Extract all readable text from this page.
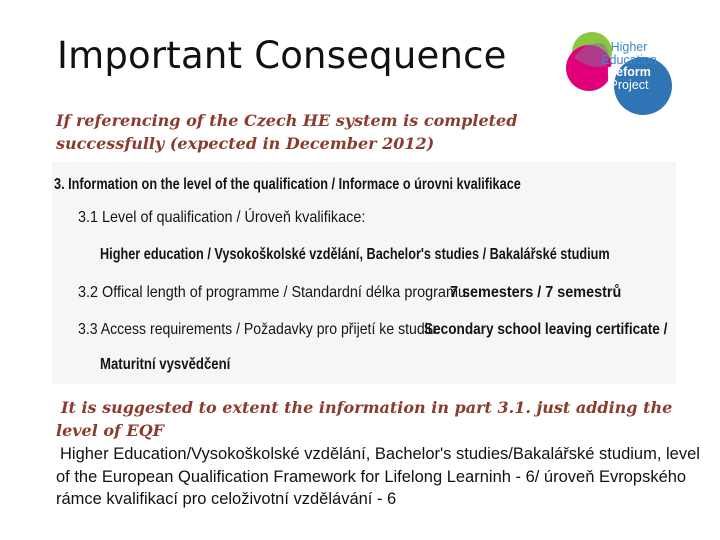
Important Consequence	Higher
Education
Reform
Project

If referencing of the Czech HE system is completed successfully (expected in December 2012)

3. Information on the level of the qualification / Informace o úrovni kvalifikace
3.1 Level of qualification / Úroveň kvalifikace:
Higher education / Vysokoškolské vzdělání, Bachelor's studies / Bakalářské studium
3.2 Offical length of programme / Standardní délka programu:
7 semesters / 7 semestrů
3.3 Access requirements / Požadavky pro přijetí ke studiu:
Secondary school leaving certificate /
Maturitní vysvědčení

It is suggested to extent the information in part 3.1. just adding the level of EQF

Higher Education/Vysokoškolské vzdělání, Bachelor's studies/Bakalářské studium, level of the European Qualification Framework for Lifelong Learninh - 6/ úroveň Evropského rámce kvalifikací pro celoživotní vzdělávání - 6
